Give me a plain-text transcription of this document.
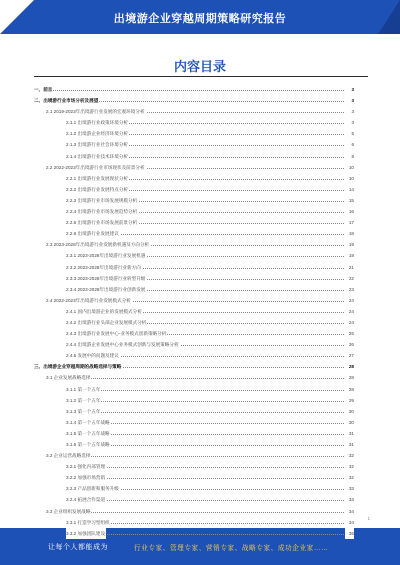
出境游企业穿越周期策略研究报告
内容目录
一、前言	3
二、出境游行业市场分析及展望	3
2.1 2019-2023年出境游行业发展的宏观环境分析	3
2.1.1 出境游行业政策环境分析	3
2.1.2 出境游企业经济环境分析	5
2.1.3 出境游行业社会环境分析	6
2.1.4 出境游行业技术环境分析	8
2.2 2022-2023年出境游行业市场现状及前景分析	10
2.2.1 出境游行业发展现状分析	10
2.2.2 出境游行业发展特点分析	14
2.2.3 出境游行业市场发展规模分析	15
2.2.4 出境游行业市场发展趋势分析	16
2.2.5 出境游行业市场发展前景分析	17
2.2.6 出境游行业发展建议	18
2.3 2023-2028年出境游行业发展新机遇及方向分析	19
2.3.1 2023-2028年出境游行业发展机遇	19
2.3.2 2023-2028年出境游行业新方向	21
2.3.3 2023-2028年出境游行业转型升级	22
2.3.4 2023-2028年出境游行业创新发展	23
2.4 2022-2023年出境游行业发展模式分析	24
2.4.1 国内出境游企业的发展模式分析	24
2.4.2 出境游行业头部企业发展模式分析	24
2.4.3 出境游行业发展中心-业务模式创新策略分析	25
2.4.4 出境游企业发展中心业务模式创新与发展策略分析	26
2.4.5 发展中的问题及建议	27
三、出境游企业穿越周期的战略选择与策略	28
3.1 企业发展战略选择	28
3.1.1 第一个五年	28
3.1.2 第一个五年	29
3.1.3 第一个五年	30
3.1.4 第一个五年战略	30
3.1.5 第一个五年战略	31
3.1.6 第一个五年战略	31
3.2 企业运营战略选择	32
3.2.1 强化内部管理	32
3.2.2 加强市场营销	32
3.2.3 产品创新和服务升级	33
3.2.4 拓展合作渠道	33
3.3 企业组织发展战略	34
3.3.1 打造学习型组织	34
3.3.2 加强团队建设	35
1
让每个人都能成为	行业专家、管理专家、营销专家、战略专家、成功企业家……
